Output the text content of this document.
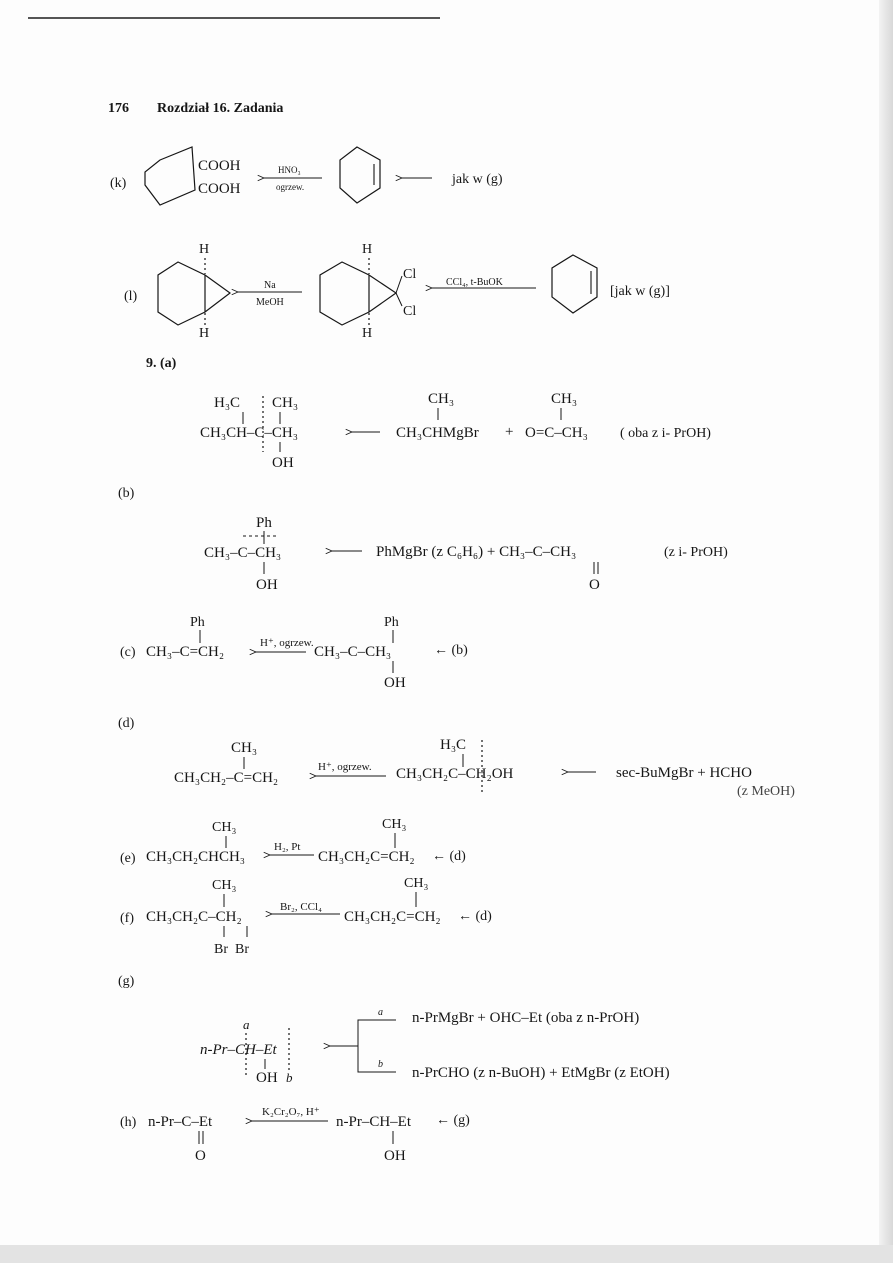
176 Rozdział 16. Zadania
(k)
COOH
COOH
HNO₃
ogrzew.	jak w (g)
(l)
H
H
Na
MeOH
H
H
Cl
Cl
CCl₄, t-BuOK
[jak w (g)]
9. (a)
H₃C CH₃
CH₃CH–C–CH₃
OH
CH₃
CH₃CHMgBr +
CH₃
O=C–CH₃ ( oba z i- PrOH)
(b)
Ph
CH₃–C–CH₃
OH
PhMgBr (z C₆H₆) + CH₃–C–CH₃
O
(z i- PrOH)
(c)
Ph
CH₃–C=CH₂
H⁺, ogrzew.
Ph
CH₃–C–CH₃
OH
← (b)
(d)
CH₃
CH₃CH₂–C=CH₂
H⁺, ogrzew.
H₃C
CH₃CH₂C–CH₂OH	sec-BuMgBr + HCHO
(z MeOH)
(e)
CH₃
CH₃CH₂CHCH₃
H₂, Pt
CH₃
CH₃CH₂C=CH₂ ← (d)
(f)
CH₃
CH₃CH₂C–CH₂
Br  Br
Br₂, CCl₄
CH₃
CH₃CH₂C=CH₂ ← (d)
(g)
a
n-Pr–CH–Et
OH b
a n-PrMgBr + OHC–Et (oba z n-PrOH)
b
n-PrCHO (z n-BuOH) + EtMgBr (z EtOH)
(h) n-Pr–C–Et
O
K₂Cr₂O₇, H⁺
n-Pr–CH–Et
OH
← (g)
